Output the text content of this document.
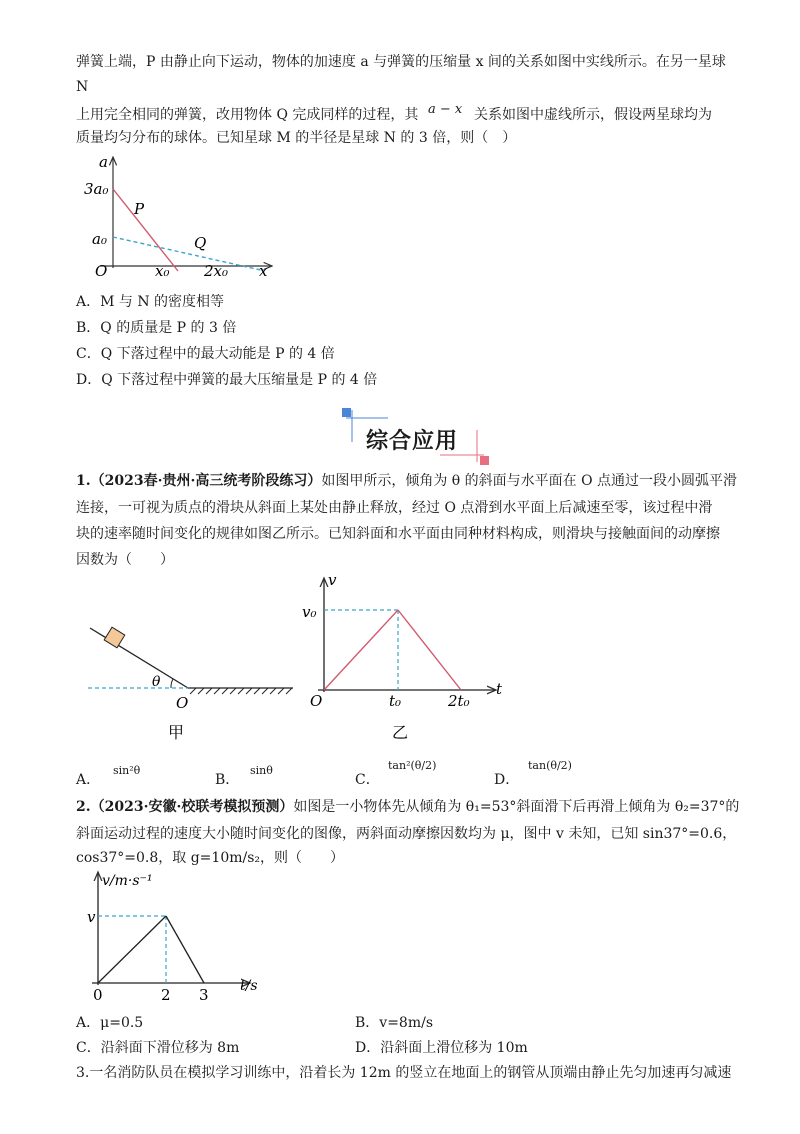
弹簧上端，P 由静止向下运动，物体的加速度 a 与弹簧的压缩量 x 间的关系如图中实线所示。在另一星球
N
上用完全相同的弹簧，改用物体 Q 完成同样的过程，其 a − x 关系如图中虚线所示，假设两星球均为
质量均匀分布的球体。已知星球 M 的半径是星球 N 的 3 倍，则（　）
a
3a₀
a₀
O	x₀ 2x₀ x
P
Q
A．M 与 N 的密度相等
B．Q 的质量是 P 的 3 倍
C．Q 下落过程中的最大动能是 P 的 4 倍
D．Q 下落过程中弹簧的最大压缩量是 P 的 4 倍
综合应用
1.（2023春·贵州·高三统考阶段练习）如图甲所示，倾角为 θ 的斜面与水平面在 O 点通过一段小圆弧平滑
连接，一可视为质点的滑块从斜面上某处由静止释放，经过 O 点滑到水平面上后减速至零，该过程中滑
块的速率随时间变化的规律如图乙所示。已知斜面和水平面由同种材料构成，则滑块与接触面间的动摩擦
因数为（　　）
θ
O
甲
v
v₀
O	t₀	2t₀
t
乙
A．
sin²θ
B．
sinθ
C．
tan²(θ/2)
D．
tan(θ/2)
2.（2023·安徽·校联考模拟预测）如图是一小物体先从倾角为 θ₁=53°斜面滑下后再滑上倾角为 θ₂=37°的
斜面运动过程的速度大小随时间变化的图像，两斜面动摩擦因数均为 μ，图中 v 未知，已知 sin37°=0.6，
cos37°=0.8，取 g=10m/s₂，则（　　）
v/m·s⁻¹
v
0	2 3 t/s
A．μ=0.5	B．v=8m/s
C．沿斜面下滑位移为 8m	D．沿斜面上滑位移为 10m
3.一名消防队员在模拟学习训练中，沿着长为 12m 的竖立在地面上的钢管从顶端由静止先匀加速再匀减速
